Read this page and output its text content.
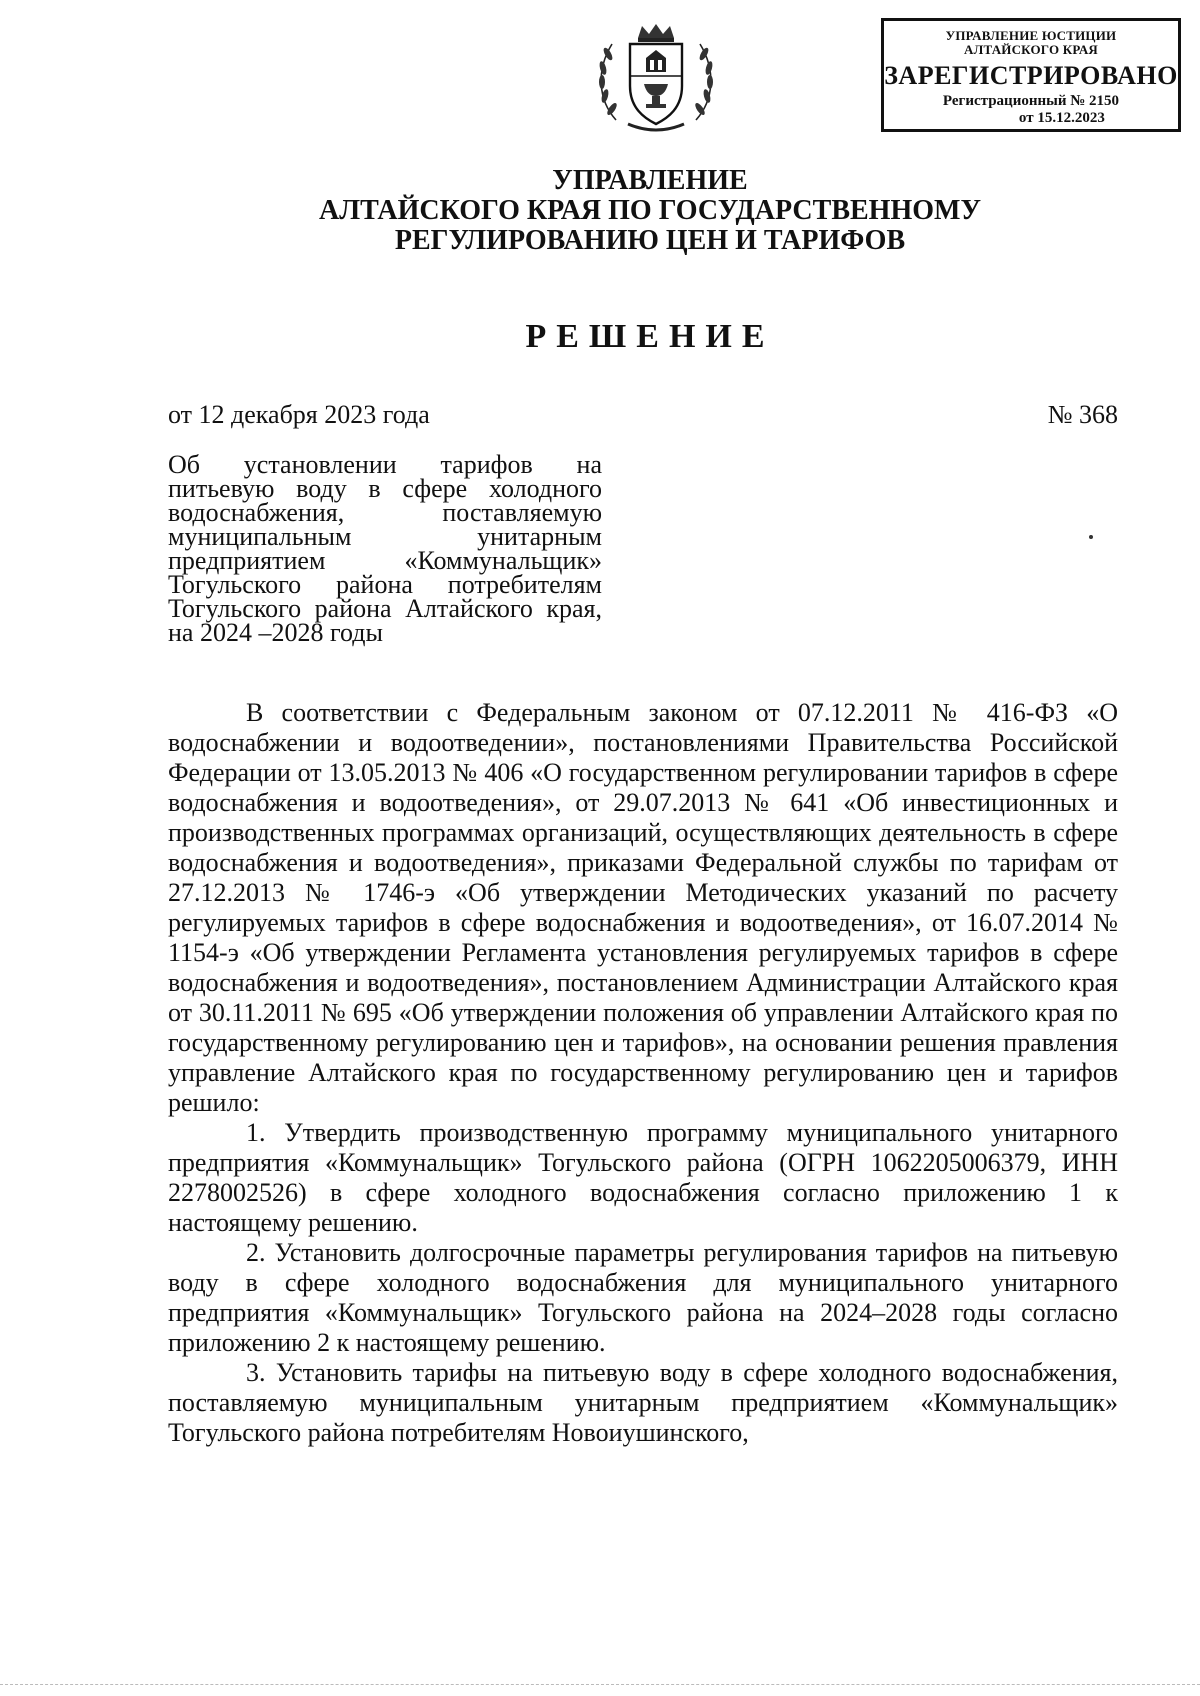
УПРАВЛЕНИЕ ЮСТИЦИИ
АЛТАЙСКОГО КРАЯ
ЗАРЕГИСТРИРОВАНО
Регистрационный № 2150
от 15.12.2023
УПРАВЛЕНИЕ
АЛТАЙСКОГО КРАЯ ПО ГОСУДАРСТВЕННОМУ
РЕГУЛИРОВАНИЮ ЦЕН И ТАРИФОВ
РЕШЕНИЕ
от 12 декабря 2023 года	№ 368
Об установлении тарифов на питьевую воду в сфере холодного водоснабжения, поставляемую муниципальным унитарным предприятием «Коммунальщик» Тогульского района потребителям Тогульского района Алтайского края, на 2024 –2028 годы

В соответствии с Федеральным законом от 07.12.2011 № 416-ФЗ «О водоснабжении и водоотведении», постановлениями Правительства Российской Федерации от 13.05.2013 № 406 «О государственном регулировании тарифов в сфере водоснабжения и водоотведения», от 29.07.2013 № 641 «Об инвестиционных и производственных программах организаций, осуществляющих деятельность в сфере водоснабжения и водоотведения», приказами Федеральной службы по тарифам от 27.12.2013 № 1746-э «Об утверждении Методических указаний по расчету регулируемых тарифов в сфере водоснабжения и водоотведения», от 16.07.2014 № 1154-э «Об утверждении Регламента установления регулируемых тарифов в сфере водоснабжения и водоотведения», постановлением Администрации Алтайского края от 30.11.2011 № 695 «Об утверждении положения об управлении Алтайского края по государственному регулированию цен и тарифов», на основании решения правления управление Алтайского края по государственному регулированию цен и тарифов решило:

1. Утвердить производственную программу муниципального унитарного предприятия «Коммунальщик» Тогульского района (ОГРН 1062205006379, ИНН 2278002526) в сфере холодного водоснабжения согласно приложению 1 к настоящему решению.

2. Установить долгосрочные параметры регулирования тарифов на питьевую воду в сфере холодного водоснабжения для муниципального унитарного предприятия «Коммунальщик» Тогульского района на 2024–2028 годы согласно приложению 2 к настоящему решению.

3. Установить тарифы на питьевую воду в сфере холодного водоснабжения, поставляемую муниципальным унитарным предприятием «Коммунальщик» Тогульского района потребителям Новоиушинского,
